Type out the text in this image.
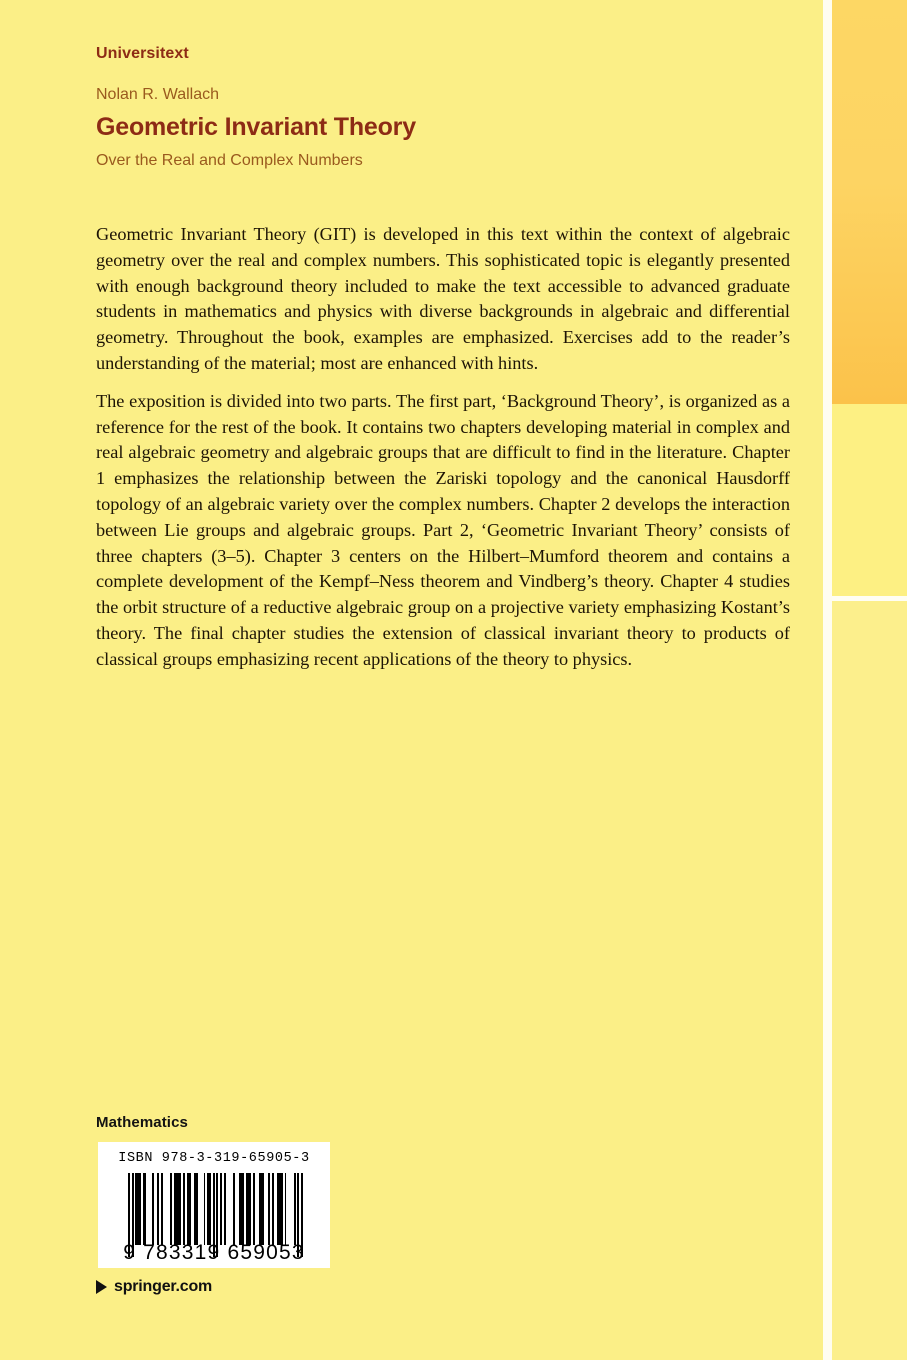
Universitext
Nolan R. Wallach
Geometric Invariant Theory
Over the Real and Complex Numbers

Geometric Invariant Theory (GIT) is developed in this text within the context of algebraic geometry over the real and complex numbers. This sophisticated topic is elegantly presented with enough background theory included to make the text accessible to advanced graduate students in mathematics and physics with diverse backgrounds in algebraic and differential geometry. Throughout the book, examples are emphasized. Exercises add to the reader’s understanding of the material; most are enhanced with hints.

The exposition is divided into two parts. The first part, ‘Background Theory’, is organized as a reference for the rest of the book. It contains two chapters developing material in complex and real algebraic geometry and algebraic groups that are difficult to find in the literature. Chapter 1 emphasizes the relationship between the Zariski topology and the canonical Hausdorff topology of an algebraic variety over the complex numbers. Chapter 2 develops the interaction between Lie groups and algebraic groups. Part 2, ‘Geometric Invariant Theory’ consists of three chapters (3–5). Chapter 3 centers on the Hilbert–Mumford theorem and contains a complete development of the Kempf–Ness theorem and Vindberg’s theory. Chapter 4 studies the orbit structure of a reductive algebraic group on a projective variety emphasizing Kostant’s theory. The final chapter studies the extension of classical invariant theory to products of classical groups emphasizing recent applications of the theory to physics.

Mathematics
ISBN 978-3-319-65905-3
9 783319 659053
springer.com
